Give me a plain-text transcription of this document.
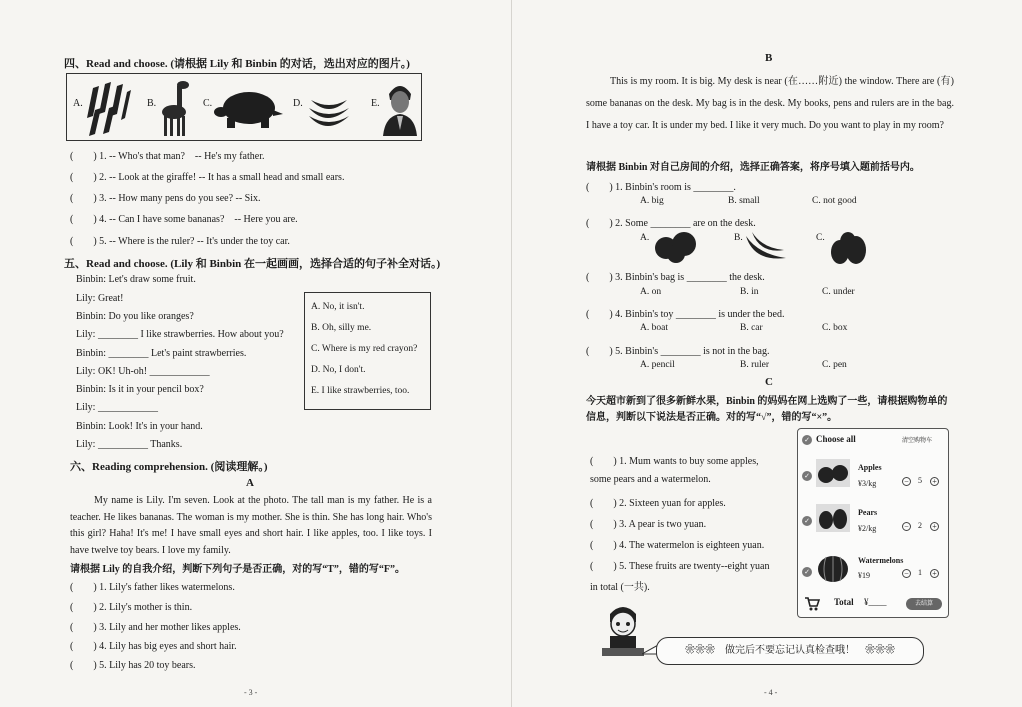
四、Read and choose. (请根据 Lily 和 Binbin 的对话，选出对应的图片。)
A.	B.	C.	D.	E.
(　　) 1. -- Who's that man?　-- He's my father.
(　　) 2. -- Look at the giraffe! -- It has a small head and small ears.
(　　) 3. -- How many pens do you see? -- Six.
(　　) 4. -- Can I have some bananas?　-- Here you are.
(　　) 5. -- Where is the ruler? -- It's under the toy car.
五、Read and choose. (Lily 和 Binbin 在一起画画，选择合适的句子补全对话。)
Binbin: Let's draw some fruit.
Lily: Great!
Binbin: Do you like oranges?
Lily: ________ I like strawberries. How about you?
Binbin: ________ Let's paint strawberries.
Lily: OK! Uh-oh! ____________
Binbin: Is it in your pencil box?
Lily: ____________
Binbin: Look! It's in your hand.
Lily: __________ Thanks.
A. No, it isn't.
B. Oh, silly me.
C. Where is my red crayon?
D. No, I don't.
E. I like strawberries, too.
六、Reading comprehension. (阅读理解。)
A
My name is Lily. I'm seven. Look at the photo. The tall man is my father. He is a teacher. He likes bananas. The woman is my mother. She is thin. She has long hair. Who's this girl? Haha! It's me! I have small eyes and short hair. I like apples, too. I like toys. I have twelve toy bears. I love my family.
请根据 Lily 的自我介绍，判断下列句子是否正确，对的写“T”，错的写“F”。
(　　) 1. Lily's father likes watermelons.
(　　) 2. Lily's mother is thin.
(　　) 3. Lily and her mother likes apples.
(　　) 4. Lily has big eyes and short hair.
(　　) 5. Lily has 20 toy bears.
- 3 -
B
This is my room. It is big. My desk is near (在……附近) the window. There are (有) some bananas on the desk. My bag is in the desk. My books, pens and rulers are in the bag. I have a toy car. It is under my bed. I like it very much. Do you want to play in my room?
请根据 Binbin 对自己房间的介绍，选择正确答案，将序号填入题前括号内。
(　　) 1. Binbin's room is ________.
A. big	B. small	C. not good
(　　) 2. Some ________ are on the desk.
A.	B.	C.
(　　) 3. Binbin's bag is ________ the desk.
A. on	B. in	C. under
(　　) 4. Binbin's toy ________ is under the bed.
A. boat	B. car	C. box
(　　) 5. Binbin's ________ is not in the bag.
A. pencil	B. ruler	C. pen
C
今天超市新到了很多新鲜水果，Binbin 的妈妈在网上选购了一些，请根据购物单的信息，判断以下说法是否正确。对的写“√”，错的写“×”。
(　　) 1. Mum wants to buy some apples,
some pears and a watermelon.
(　　) 2. Sixteen yuan for apples.
(　　) 3. A pear is two yuan.
(　　) 4. The watermelon is eighteen yuan.
(　　) 5. These fruits are twenty--eight yuan
in total (一共).
✓ Choose all	清空购物车
✓
Apples
¥3/kg	− 5 +
✓
Pears
¥2/kg	− 2 +
✓
Watermelons
¥19	− 1 +
Total ¥____	去结算
❀❀❀　做完后不要忘记认真检查哦！　❀❀❀
- 4 -
